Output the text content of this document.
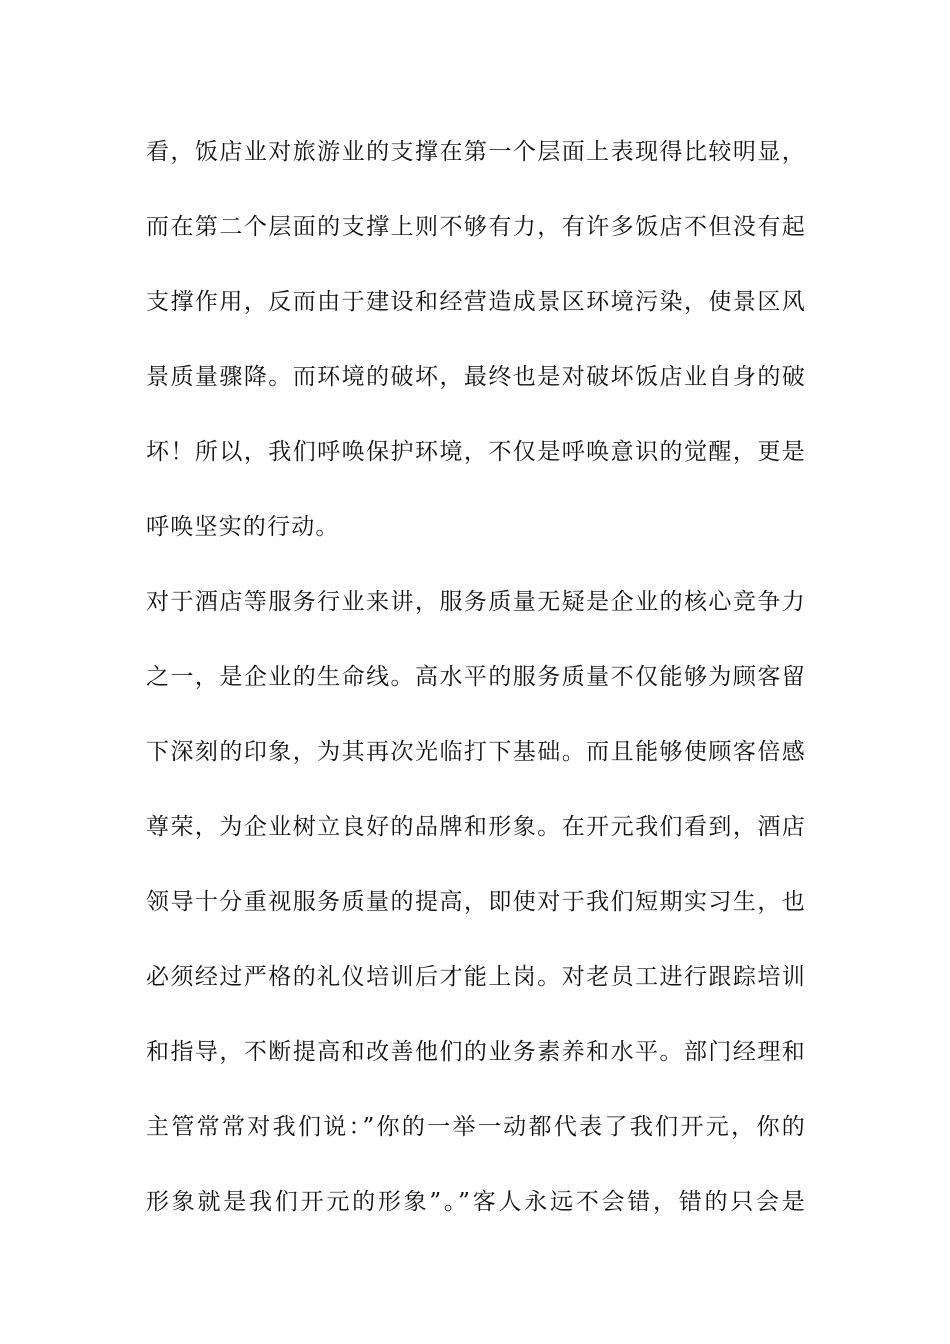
看，饭店业对旅游业的支撑在第一个层面上表现得比较明显，
而在第二个层面的支撑上则不够有力，有许多饭店不但没有起
支撑作用，反而由于建设和经营造成景区环境污染，使景区风
景质量骤降。而环境的破坏，最终也是对破坏饭店业自身的破
坏！所以，我们呼唤保护环境，不仅是呼唤意识的觉醒，更是
呼唤坚实的行动。
对于酒店等服务行业来讲，服务质量无疑是企业的核心竞争力
之一，是企业的生命线。高水平的服务质量不仅能够为顾客留
下深刻的印象，为其再次光临打下基础。而且能够使顾客倍感
尊荣，为企业树立良好的品牌和形象。在开元我们看到，酒店
领导十分重视服务质量的提高，即使对于我们短期实习生，也
必须经过严格的礼仪培训后才能上岗。对老员工进行跟踪培训
和指导，不断提高和改善他们的业务素养和水平。部门经理和
主管常常对我们说：”你的一举一动都代表了我们开元，你的
形象就是我们开元的形象”。”客人永远不会错，错的只会是
